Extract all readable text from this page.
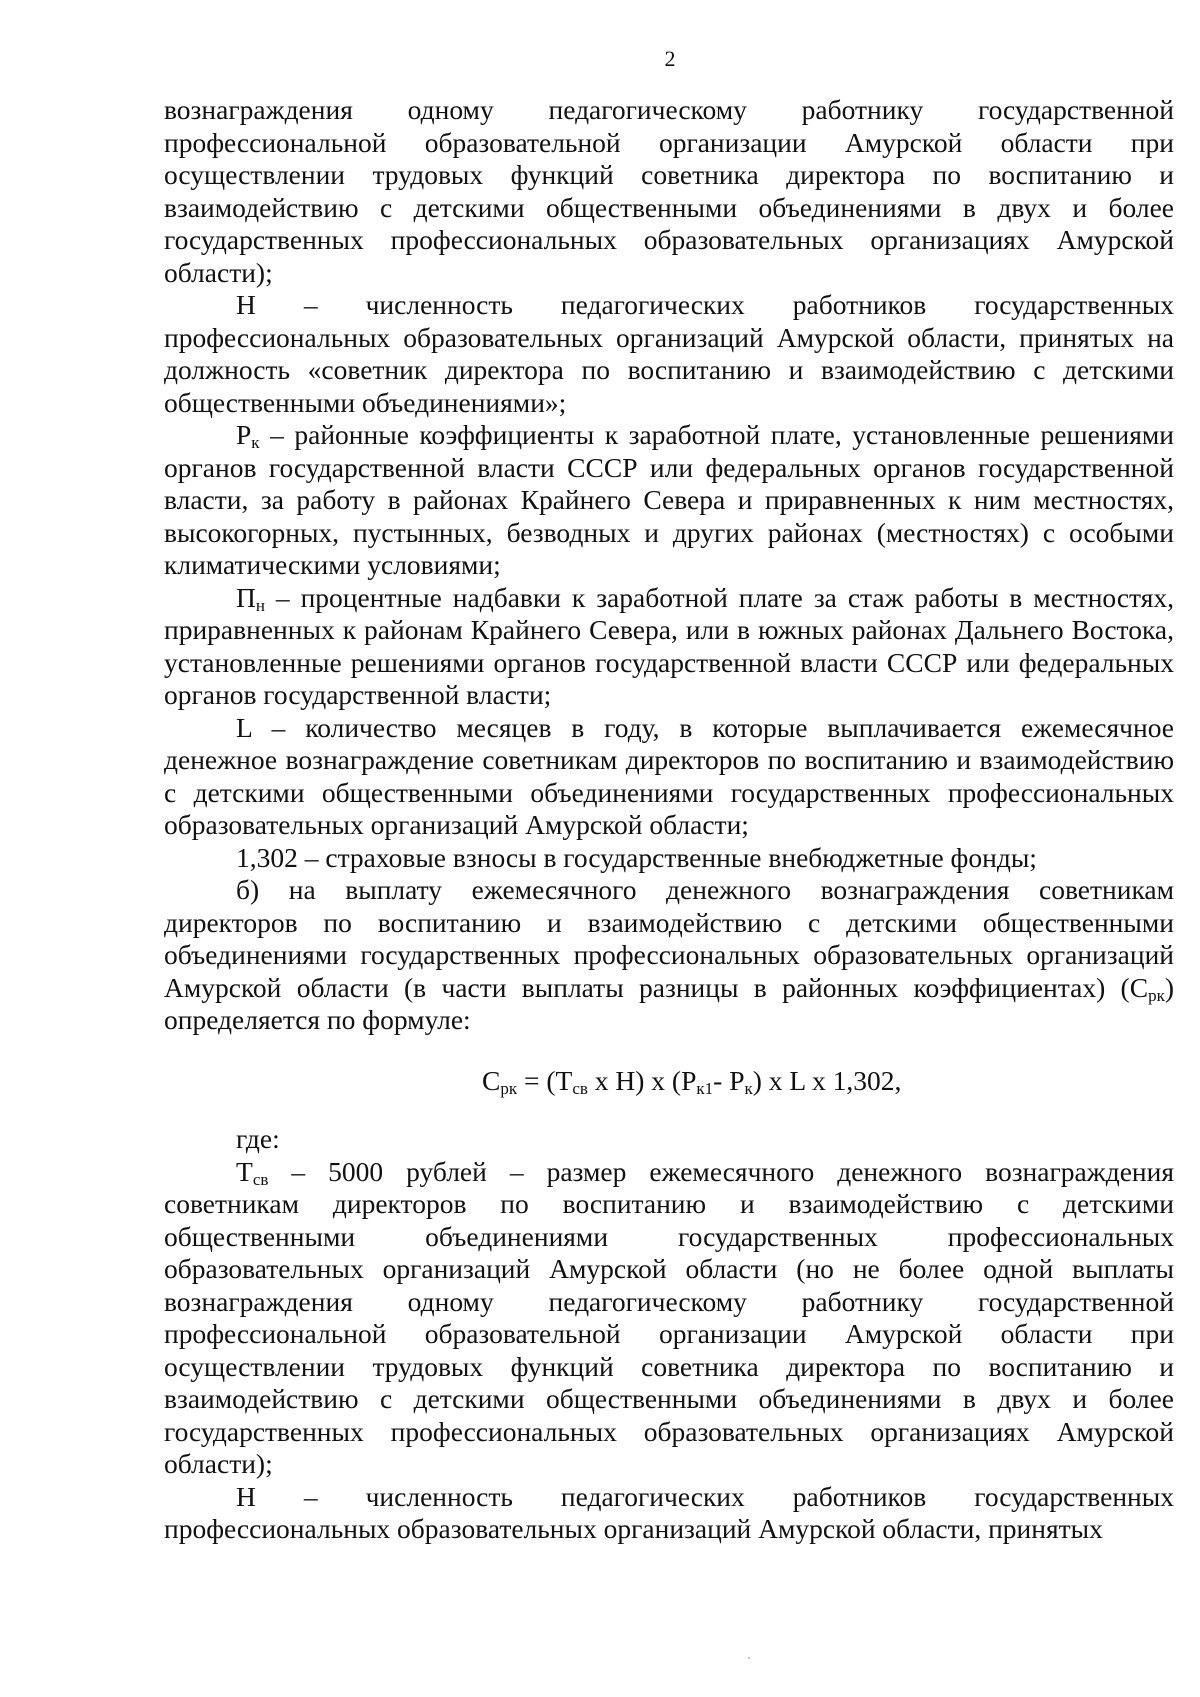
2

вознаграждения одному педагогическому работнику государственной профессиональной образовательной организации Амурской области при осуществлении трудовых функций советника директора по воспитанию и взаимодействию с детскими общественными объединениями в двух и более государственных профессиональных образовательных организациях Амурской области);

Н – численность педагогических работников государственных профессиональных образовательных организаций Амурской области, принятых на должность «советник директора по воспитанию и взаимодействию с детскими общественными объединениями»;

$Р_к$ – районные коэффициенты к заработной плате, установленные решениями органов государственной власти СССР или федеральных органов государственной власти, за работу в районах Крайнего Севера и приравненных к ним местностях, высокогорных, пустынных, безводных и других районах (местностях) с особыми климатическими условиями;

$П_н$ – процентные надбавки к заработной плате за стаж работы в местностях, приравненных к районам Крайнего Севера, или в южных районах Дальнего Востока, установленные решениями органов государственной власти СССР или федеральных органов государственной власти;

L – количество месяцев в году, в которые выплачивается ежемесячное денежное вознаграждение советникам директоров по воспитанию и взаимодействию с детскими общественными объединениями государственных профессиональных образовательных организаций Амурской области;

1,302 – страховые взносы в государственные внебюджетные фонды;

б) на выплату ежемесячного денежного вознаграждения советникам директоров по воспитанию и взаимодействию с детскими общественными объединениями государственных профессиональных образовательных организаций Амурской области (в части выплаты разницы в районных коэффициентах) $(С_{рк})$ определяется по формуле:

$С_{рк} = (Т_{св}$ х Н) х ($Р_{к1}-$ $Р_к$) х L х 1,302,

где:

$Т_{св} - 5000$ рублей – размер ежемесячного денежного вознаграждения советникам директоров по воспитанию и взаимодействию с детскими общественными объединениями государственных профессиональных образовательных организаций Амурской области (но не более одной выплаты вознаграждения одному педагогическому работнику государственной профессиональной образовательной организации Амурской области при осуществлении трудовых функций советника директора по воспитанию и взаимодействию с детскими общественными объединениями в двух и более государственных профессиональных образовательных организациях Амурской области);

Н – численность педагогических работников государственных профессиональных образовательных организаций Амурской области, принятых
